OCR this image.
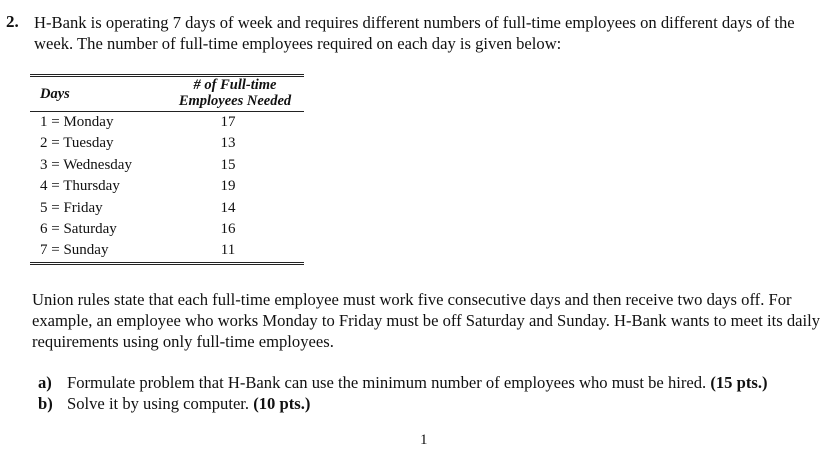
2. H-Bank is operating 7 days of week and requires different numbers of full-time employees on different days of the week. The number of full-time employees required on each day is given below:
Days	# of Full-time Employees Needed
1 = Monday	17
2 = Tuesday	13
3 = Wednesday	15
4 = Thursday	19
5 = Friday	14
6 = Saturday	16
7 = Sunday	11
Union rules state that each full-time employee must work five consecutive days and then receive two days off. For example, an employee who works Monday to Friday must be off Saturday and Sunday. H-Bank wants to meet its daily requirements using only full-time employees.
a) Formulate problem that H-Bank can use the minimum number of employees who must be hired. (15 pts.)
b) Solve it by using computer. (10 pts.)
1
